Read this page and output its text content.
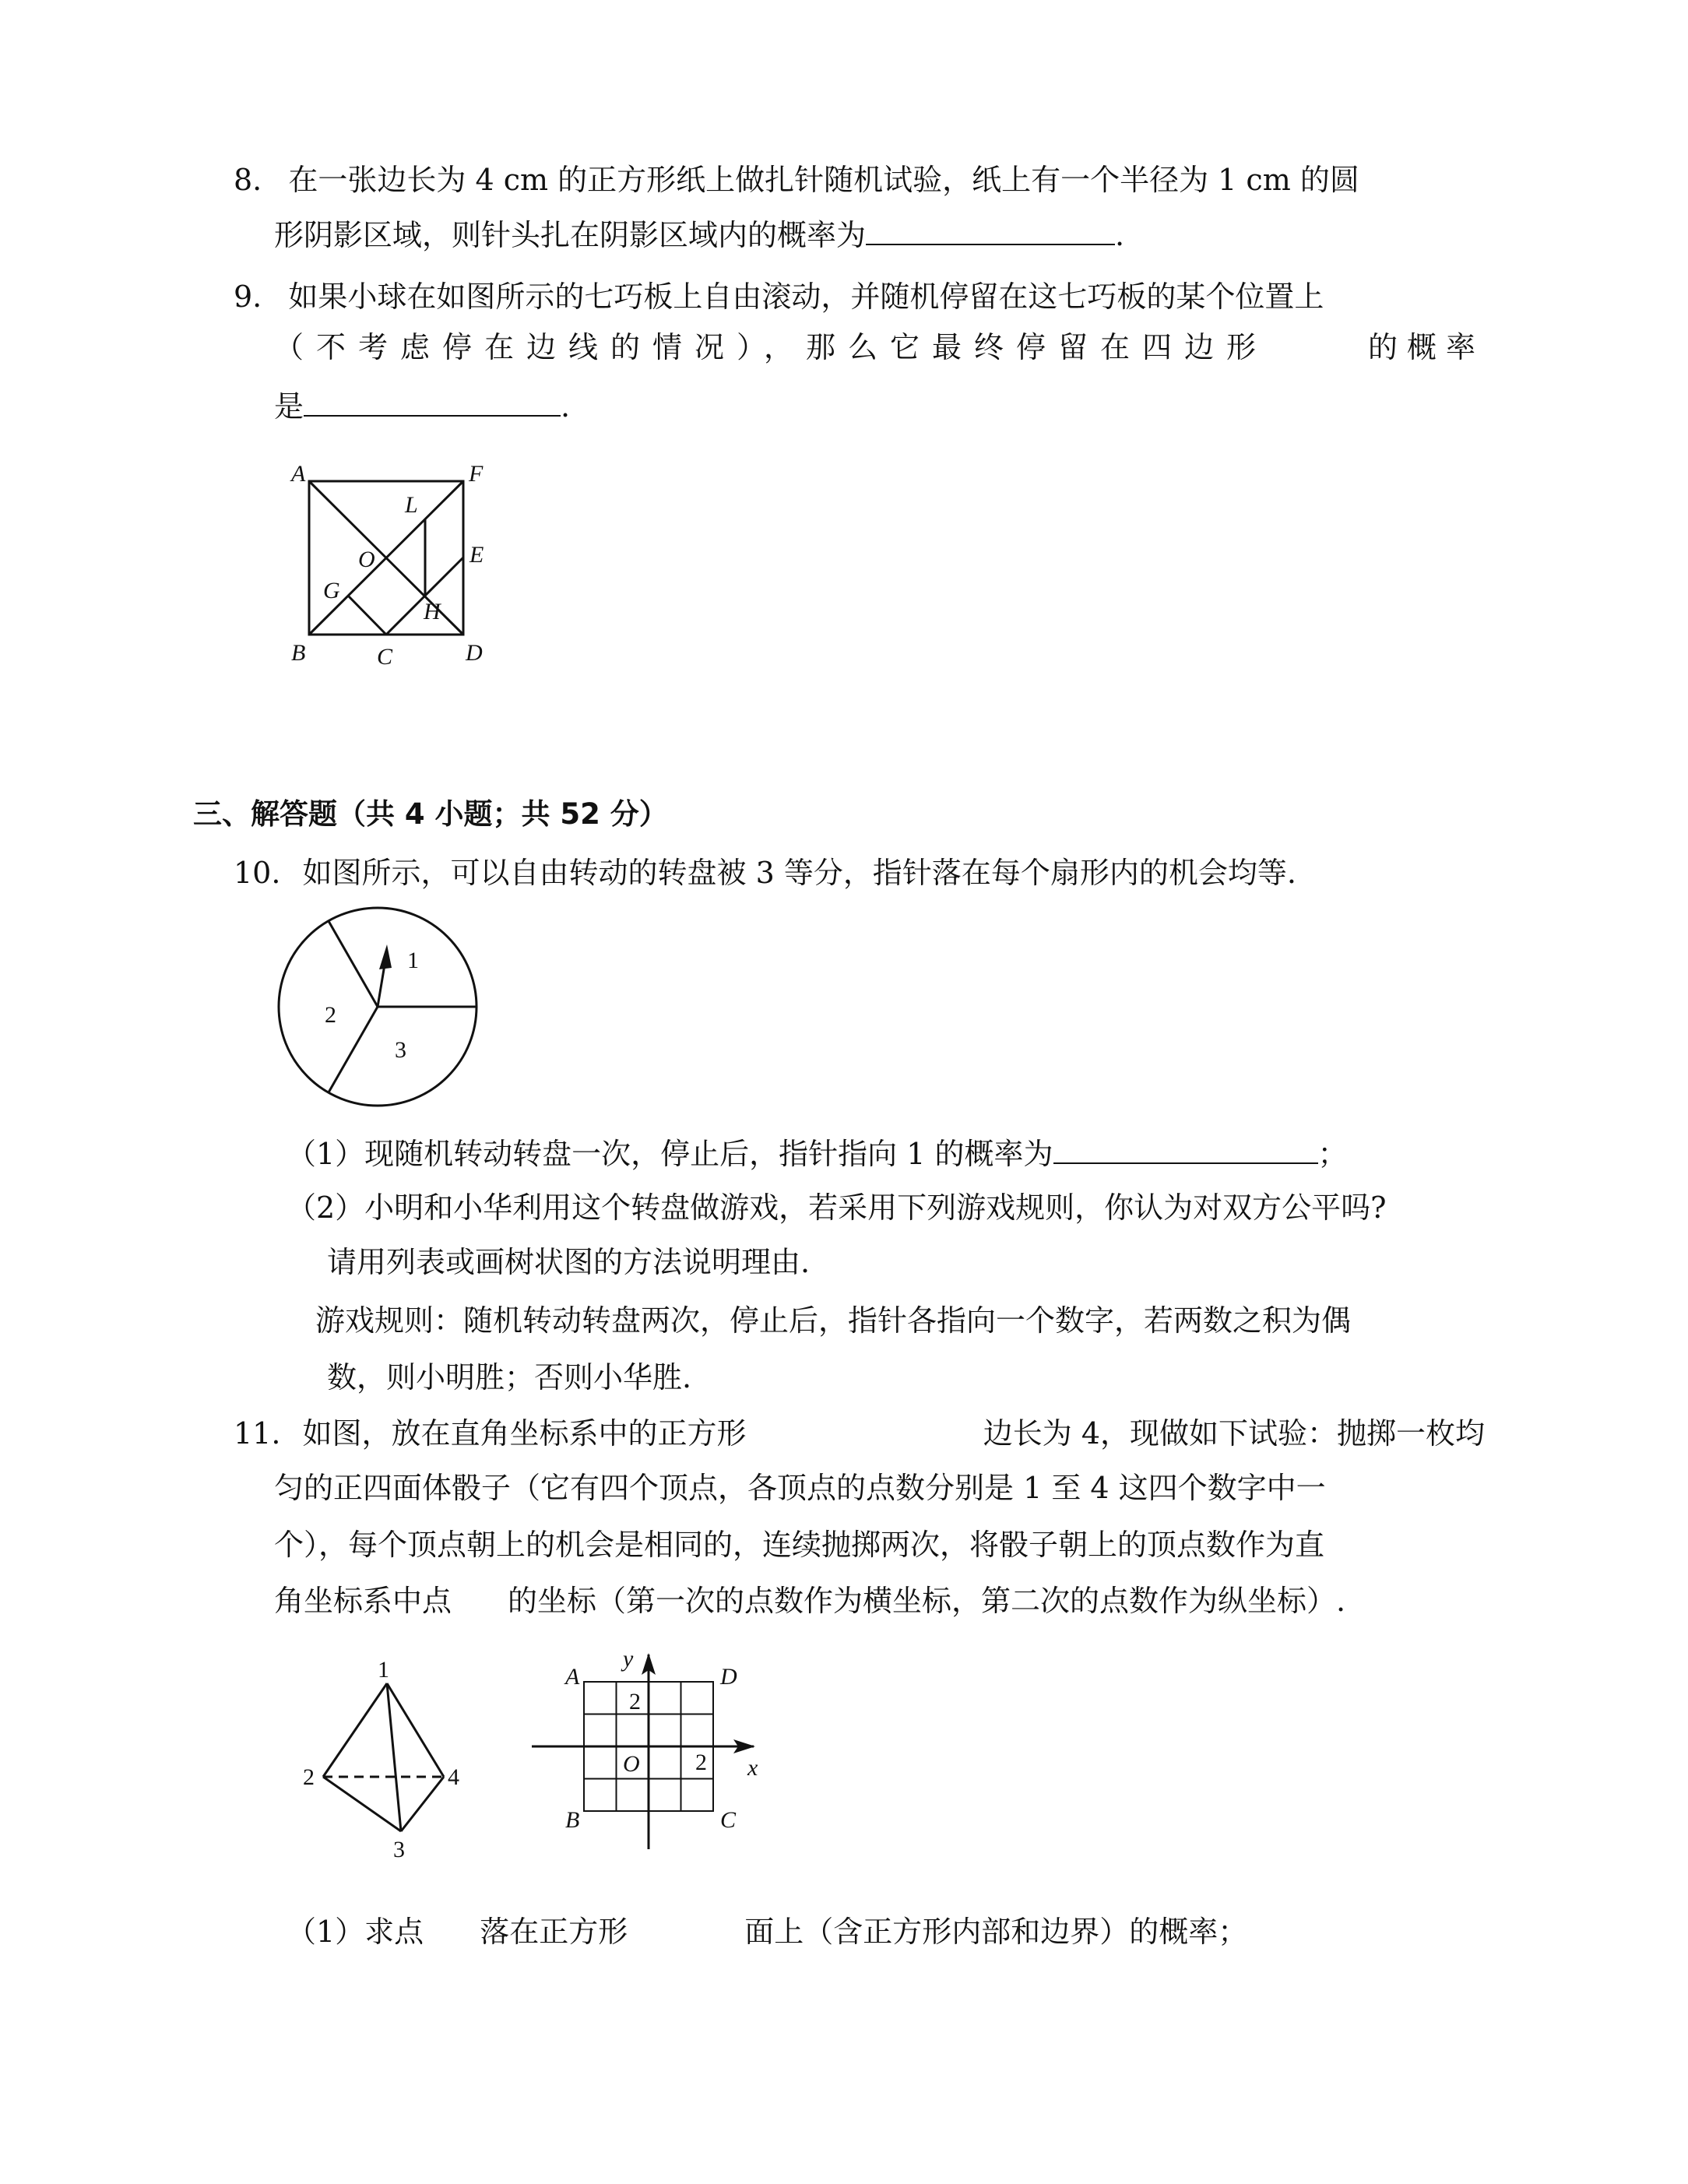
8. 在一张边长为 4 cm 的正方形纸上做扎针随机试验，纸上有一个半径为 1 cm 的圆
形阴影区域，则针头扎在阴影区域内的概率为	.
9. 如果小球在如图所示的七巧板上自由滚动，并随机停留在这七巧板的某个位置上
（不考虑停在边线的情况），那么它最终停留在四边形	的概率
是	.
A	F
L
O	E
G
H
B	C	D
三、解答题（共 4 小题；共 52 分）
10. 如图所示，可以自由转动的转盘被 3 等分，指针落在每个扇形内的机会均等.
1
2
3
（1）现随机转动转盘一次，停止后，指针指向 1 的概率为	；
（2）小明和小华利用这个转盘做游戏，若采用下列游戏规则，你认为对双方公平吗?
请用列表或画树状图的方法说明理由.
游戏规则：随机转动转盘两次，停止后，指针各指向一个数字，若两数之积为偶
数，则小明胜；否则小华胜.
11. 如图，放在直角坐标系中的正方形	边长为 4，现做如下试验：抛掷一枚均
匀的正四面体骰子（它有四个顶点，各顶点的点数分别是 1 至 4 这四个数字中一
个），每个顶点朝上的机会是相同的，连续抛掷两次，将骰子朝上的顶点数作为直
角坐标系中点 的坐标（第一次的点数作为横坐标，第二次的点数作为纵坐标）.
1
2
3
4
A	D
B	C
y
x
O
2
2
（1）求点 落在正方形	面上（含正方形内部和边界）的概率；
